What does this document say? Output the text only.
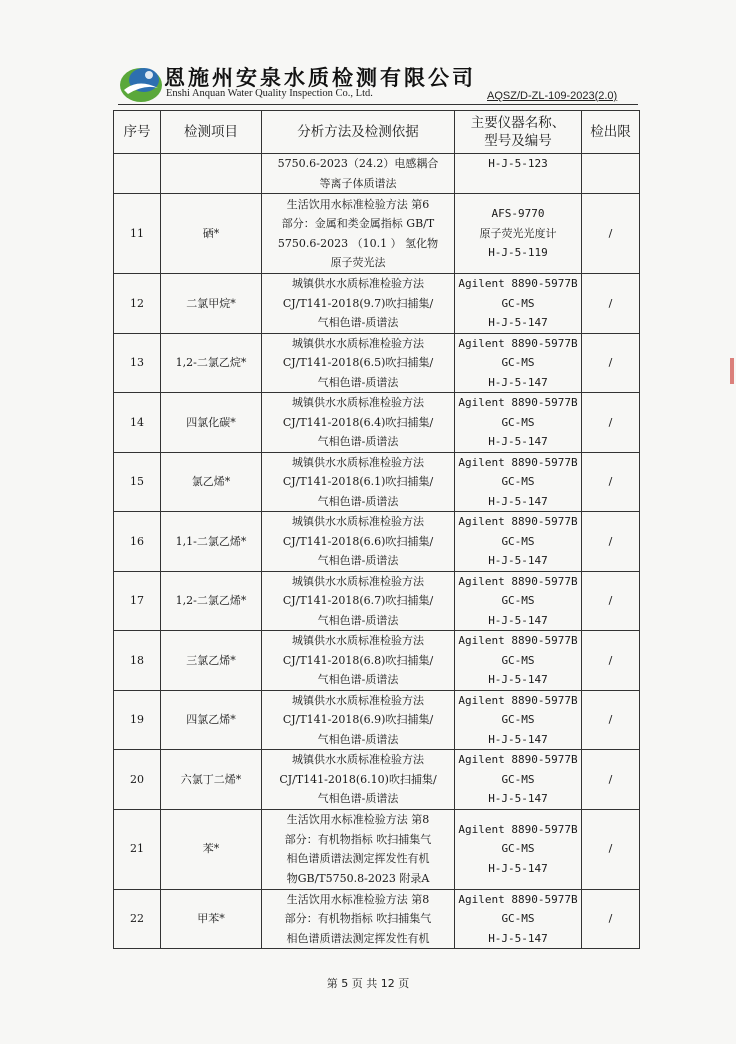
恩施州安泉水质检测有限公司
Enshi Anquan Water Quality Inspection Co., Ltd.	AQSZ/D-ZL-109-2023(2.0)
序号	检测项目	分析方法及检测依据	主要仪器名称、
型号及编号	检出限

		5750.6-2023（24.2）电感耦合
等离子体质谱法	H-J-5-123	

11	硒*	生活饮用水标准检验方法 第6
部分：金属和类金属指标 GB/T
5750.6-2023 （10.1 ） 氢化物
原子荧光法	AFS-9770
原子荧光光度计
H-J-5-119	/
12	二氯甲烷*	城镇供水水质标准检验方法
CJ/T141-2018(9.7)吹扫捕集/
气相色谱-质谱法	Agilent 8890-5977B
GC-MS
H-J-5-147	/
13	1,2-二氯乙烷*	城镇供水水质标准检验方法
CJ/T141-2018(6.5)吹扫捕集/
气相色谱-质谱法	Agilent 8890-5977B
GC-MS
H-J-5-147	/
14	四氯化碳*	城镇供水水质标准检验方法
CJ/T141-2018(6.4)吹扫捕集/
气相色谱-质谱法	Agilent 8890-5977B
GC-MS
H-J-5-147	/
15	氯乙烯*	城镇供水水质标准检验方法
CJ/T141-2018(6.1)吹扫捕集/
气相色谱-质谱法	Agilent 8890-5977B
GC-MS
H-J-5-147	/
16	1,1-二氯乙烯*	城镇供水水质标准检验方法
CJ/T141-2018(6.6)吹扫捕集/
气相色谱-质谱法	Agilent 8890-5977B
GC-MS
H-J-5-147	/
17	1,2-二氯乙烯*	城镇供水水质标准检验方法
CJ/T141-2018(6.7)吹扫捕集/
气相色谱-质谱法	Agilent 8890-5977B
GC-MS
H-J-5-147	/
18	三氯乙烯*	城镇供水水质标准检验方法
CJ/T141-2018(6.8)吹扫捕集/
气相色谱-质谱法	Agilent 8890-5977B
GC-MS
H-J-5-147	/
19	四氯乙烯*	城镇供水水质标准检验方法
CJ/T141-2018(6.9)吹扫捕集/
气相色谱-质谱法	Agilent 8890-5977B
GC-MS
H-J-5-147	/
20	六氯丁二烯*	城镇供水水质标准检验方法
CJ/T141-2018(6.10)吹扫捕集/
气相色谱-质谱法	Agilent 8890-5977B
GC-MS
H-J-5-147	/
21	苯*	生活饮用水标准检验方法 第8
部分：有机物指标 吹扫捕集气
相色谱质谱法测定挥发性有机
物GB/T5750.8-2023 附录A	Agilent 8890-5977B
GC-MS
H-J-5-147	/
22	甲苯*	生活饮用水标准检验方法 第8
部分：有机物指标 吹扫捕集气
相色谱质谱法测定挥发性有机	Agilent 8890-5977B
GC-MS
H-J-5-147	/
第 5 页 共 12 页
